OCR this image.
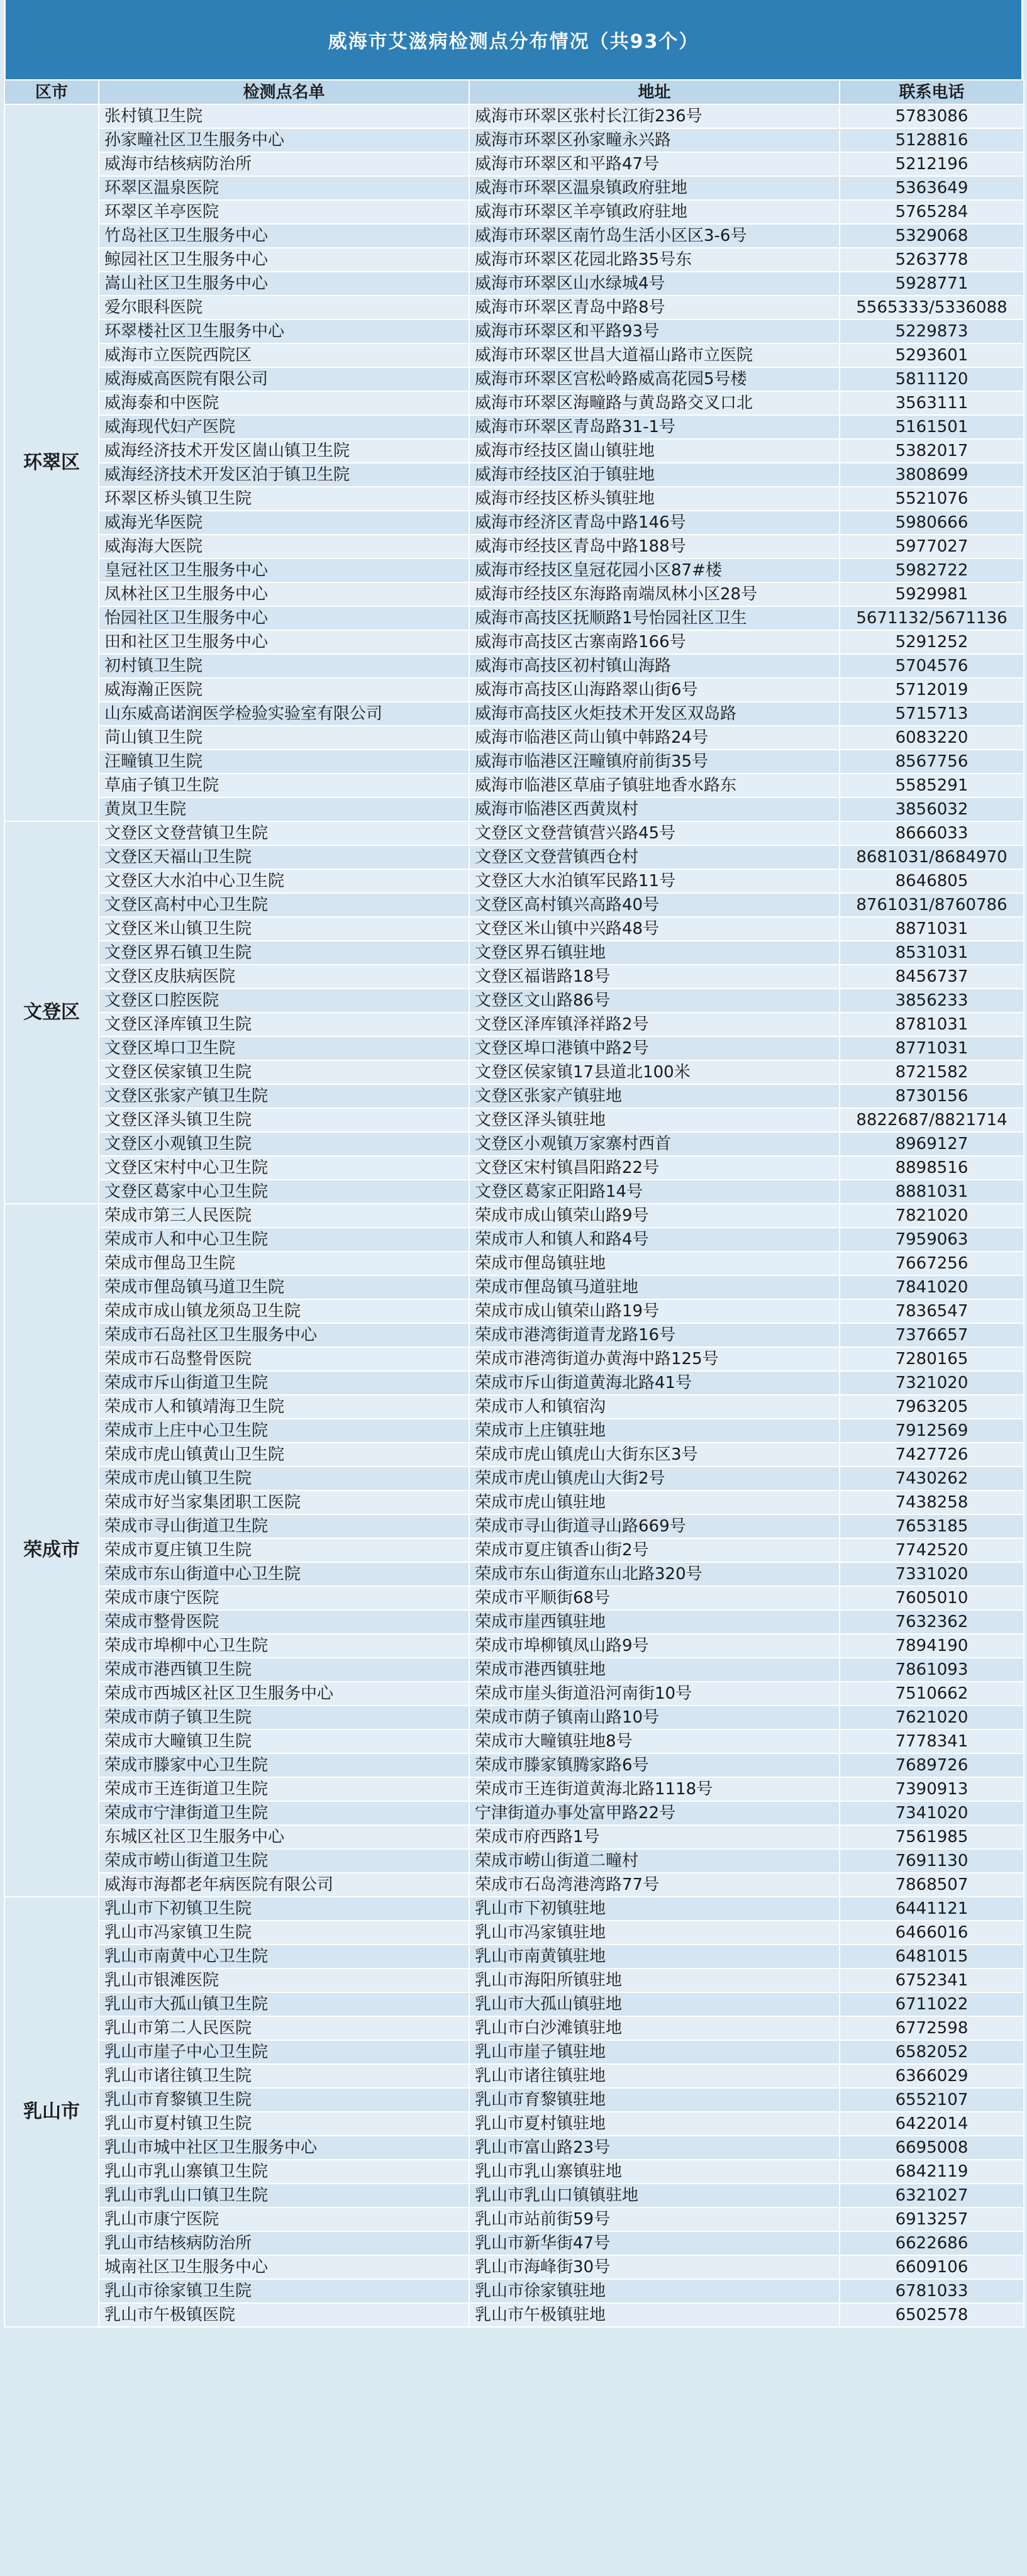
威海市艾滋病检测点分布情况（共93个）
区市	检测点名单	地址	联系电话
环翠区	张村镇卫生院	威海市环翠区张村长江街236号	5783086
	孙家疃社区卫生服务中心	威海市环翠区孙家疃永兴路	5128816
	威海市结核病防治所	威海市环翠区和平路47号	5212196
	环翠区温泉医院	威海市环翠区温泉镇政府驻地	5363649
	环翠区羊亭医院	威海市环翠区羊亭镇政府驻地	5765284
	竹岛社区卫生服务中心	威海市环翠区南竹岛生活小区区3-6号	5329068
	鲸园社区卫生服务中心	威海市环翠区花园北路35号东	5263778
	嵩山社区卫生服务中心	威海市环翠区山水绿城4号	5928771
	爱尔眼科医院	威海市环翠区青岛中路8号	5565333/5336088
	环翠楼社区卫生服务中心	威海市环翠区和平路93号	5229873
	威海市立医院西院区	威海市环翠区世昌大道福山路市立医院	5293601
	威海威高医院有限公司	威海市环翠区宫松岭路威高花园5号楼	5811120
	威海泰和中医院	威海市环翠区海疃路与黄岛路交叉口北	3563111
	威海现代妇产医院	威海市环翠区青岛路31-1号	5161501
	威海经济技术开发区崮山镇卫生院	威海市经技区崮山镇驻地	5382017
	威海经济技术开发区泊于镇卫生院	威海市经技区泊于镇驻地	3808699
	环翠区桥头镇卫生院	威海市经技区桥头镇驻地	5521076
	威海光华医院	威海市经济区青岛中路146号	5980666
	威海海大医院	威海市经技区青岛中路188号	5977027
	皇冠社区卫生服务中心	威海市经技区皇冠花园小区87#楼	5982722
	凤林社区卫生服务中心	威海市经技区东海路南端凤林小区28号	5929981
	怡园社区卫生服务中心	威海市高技区抚顺路1号怡园社区卫生	5671132/5671136
	田和社区卫生服务中心	威海市高技区古寨南路166号	5291252
	初村镇卫生院	威海市高技区初村镇山海路	5704576
	威海瀚正医院	威海市高技区山海路翠山街6号	5712019
	山东威高诺润医学检验实验室有限公司	威海市高技区火炬技术开发区双岛路	5715713
	苘山镇卫生院	威海市临港区苘山镇中韩路24号	6083220
	汪疃镇卫生院	威海市临港区汪疃镇府前街35号	8567756
	草庙子镇卫生院	威海市临港区草庙子镇驻地香水路东	5585291
	黄岚卫生院	威海市临港区西黄岚村	3856032
文登区	文登区文登营镇卫生院	文登区文登营镇营兴路45号	8666033
	文登区天福山卫生院	文登区文登营镇西仓村	8681031/8684970
	文登区大水泊中心卫生院	文登区大水泊镇军民路11号	8646805
	文登区高村中心卫生院	文登区高村镇兴高路40号	8761031/8760786
	文登区米山镇卫生院	文登区米山镇中兴路48号	8871031
	文登区界石镇卫生院	文登区界石镇驻地	8531031
	文登区皮肤病医院	文登区福谐路18号	8456737
	文登区口腔医院	文登区文山路86号	3856233
	文登区泽库镇卫生院	文登区泽库镇泽祥路2号	8781031
	文登区埠口卫生院	文登区埠口港镇中路2号	8771031
	文登区侯家镇卫生院	文登区侯家镇17县道北100米	8721582
	文登区张家产镇卫生院	文登区张家产镇驻地	8730156
	文登区泽头镇卫生院	文登区泽头镇驻地	8822687/8821714
	文登区小观镇卫生院	文登区小观镇万家寨村西首	8969127
	文登区宋村中心卫生院	文登区宋村镇昌阳路22号	8898516
	文登区葛家中心卫生院	文登区葛家正阳路14号	8881031
荣成市	荣成市第三人民医院	荣成市成山镇荣山路9号	7821020
	荣成市人和中心卫生院	荣成市人和镇人和路4号	7959063
	荣成市俚岛卫生院	荣成市俚岛镇驻地	7667256
	荣成市俚岛镇马道卫生院	荣成市俚岛镇马道驻地	7841020
	荣成市成山镇龙须岛卫生院	荣成市成山镇荣山路19号	7836547
	荣成市石岛社区卫生服务中心	荣成市港湾街道青龙路16号	7376657
	荣成市石岛整骨医院	荣成市港湾街道办黄海中路125号	7280165
	荣成市斥山街道卫生院	荣成市斥山街道黄海北路41号	7321020
	荣成市人和镇靖海卫生院	荣成市人和镇宿沟	7963205
	荣成市上庄中心卫生院	荣成市上庄镇驻地	7912569
	荣成市虎山镇黄山卫生院	荣成市虎山镇虎山大街东区3号	7427726
	荣成市虎山镇卫生院	荣成市虎山镇虎山大街2号	7430262
	荣成市好当家集团职工医院	荣成市虎山镇驻地	7438258
	荣成市寻山街道卫生院	荣成市寻山街道寻山路669号	7653185
	荣成市夏庄镇卫生院	荣成市夏庄镇香山街2号	7742520
	荣成市东山街道中心卫生院	荣成市东山街道东山北路320号	7331020
	荣成市康宁医院	荣成市平顺街68号	7605010
	荣成市整骨医院	荣成市崖西镇驻地	7632362
	荣成市埠柳中心卫生院	荣成市埠柳镇凤山路9号	7894190
	荣成市港西镇卫生院	荣成市港西镇驻地	7861093
	荣成市西城区社区卫生服务中心	荣成市崖头街道沿河南街10号	7510662
	荣成市荫子镇卫生院	荣成市荫子镇南山路10号	7621020
	荣成市大疃镇卫生院	荣成市大疃镇驻地8号	7778341
	荣成市滕家中心卫生院	荣成市滕家镇腾家路6号	7689726
	荣成市王连街道卫生院	荣成市王连街道黄海北路1118号	7390913
	荣成市宁津街道卫生院	宁津街道办事处富甲路22号	7341020
	东城区社区卫生服务中心	荣成市府西路1号	7561985
	荣成市崂山街道卫生院	荣成市崂山街道二疃村	7691130
	威海市海都老年病医院有限公司	荣成市石岛湾港湾路77号	7868507
乳山市	乳山市下初镇卫生院	乳山市下初镇驻地	6441121
	乳山市冯家镇卫生院	乳山市冯家镇驻地	6466016
	乳山市南黄中心卫生院	乳山市南黄镇驻地	6481015
	乳山市银滩医院	乳山市海阳所镇驻地	6752341
	乳山市大孤山镇卫生院	乳山市大孤山镇驻地	6711022
	乳山市第二人民医院	乳山市白沙滩镇驻地	6772598
	乳山市崖子中心卫生院	乳山市崖子镇驻地	6582052
	乳山市诸往镇卫生院	乳山市诸往镇驻地	6366029
	乳山市育黎镇卫生院	乳山市育黎镇驻地	6552107
	乳山市夏村镇卫生院	乳山市夏村镇驻地	6422014
	乳山市城中社区卫生服务中心	乳山市富山路23号	6695008
	乳山市乳山寨镇卫生院	乳山市乳山寨镇驻地	6842119
	乳山市乳山口镇卫生院	乳山市乳山口镇镇驻地	6321027
	乳山市康宁医院	乳山市站前街59号	6913257
	乳山市结核病防治所	乳山市新华街47号	6622686
	城南社区卫生服务中心	乳山市海峰街30号	6609106
	乳山市徐家镇卫生院	乳山市徐家镇驻地	6781033
	乳山市午极镇医院	乳山市午极镇驻地	6502578
